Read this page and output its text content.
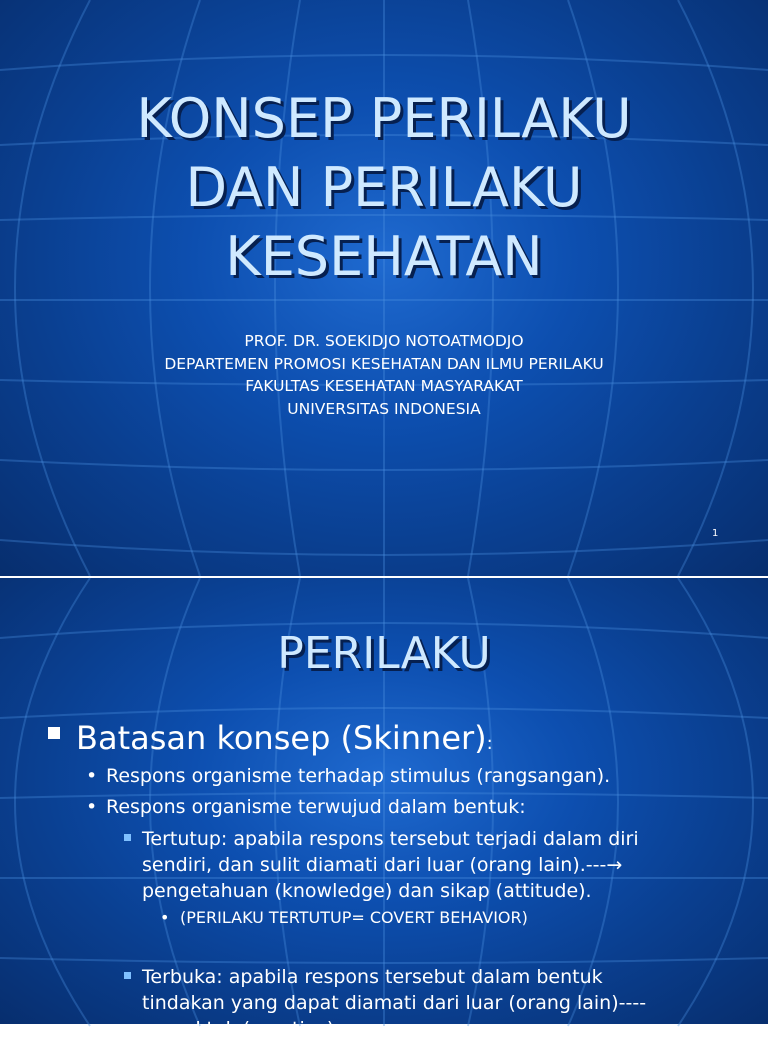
KONSEP PERILAKU
DAN PERILAKU
KESEHATAN
PROF. DR. SOEKIDJO NOTOATMODJO
DEPARTEMEN PROMOSI KESEHATAN DAN ILMU PERILAKU
FAKULTAS KESEHATAN MASYARAKAT
UNIVERSITAS INDONESIA
1
PERILAKU
Batasan konsep (Skinner):
• Respons organisme terhadap stimulus (rangsangan).
• Respons organisme terwujud dalam bentuk:
Tertutup: apabila respons tersebut terjadi dalam diri
sendiri, dan sulit diamati dari luar (orang lain).---→
pengetahuan (knowledge) dan sikap (attitude).
• (PERILAKU TERTUTUP= COVERT BEHAVIOR)
Terbuka: apabila respons tersebut dalam bentuk
tindakan yang dapat diamati dari luar (orang lain)----
→ praktek (practice)
